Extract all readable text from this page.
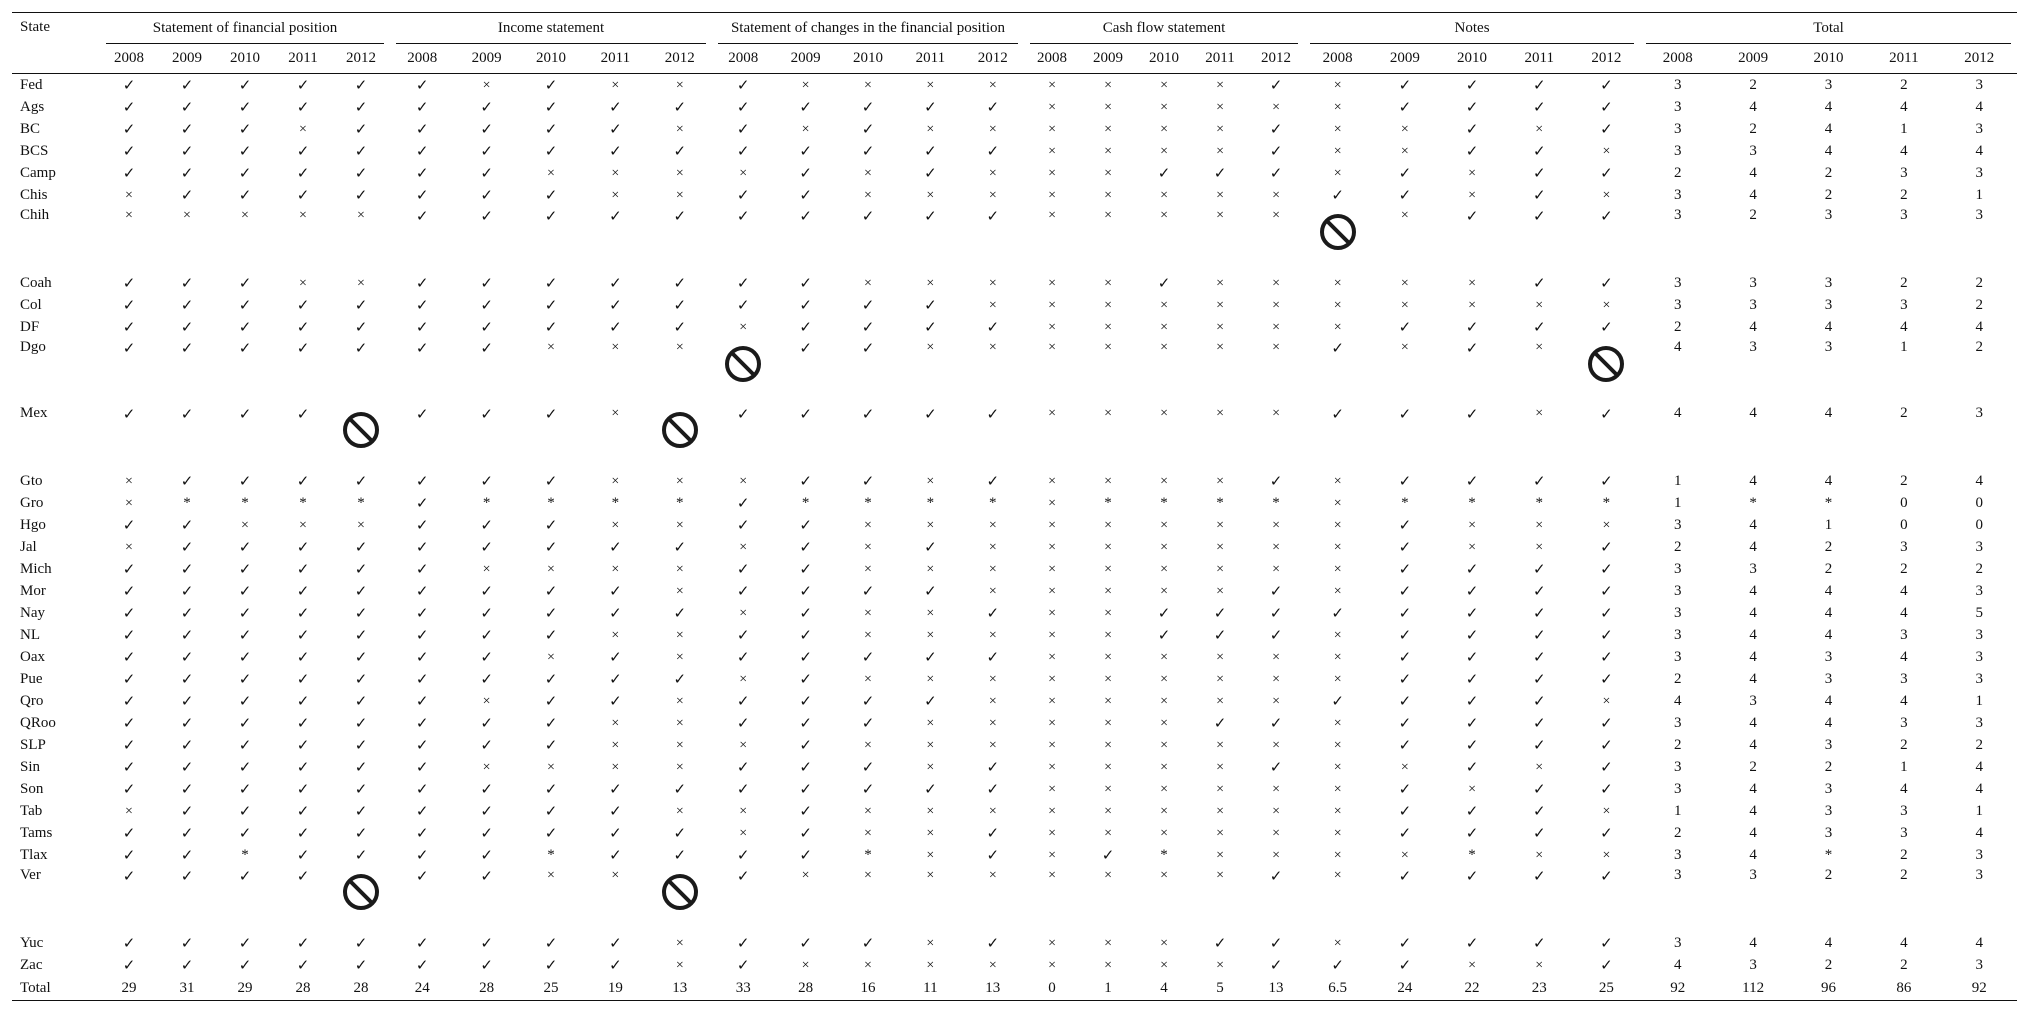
State	Statement of financial position					Income statement					Statement of changes in the financial position					Cash flow statement					Notes					Total				
	2008	2009	2010	2011	2012	2008	2009	2010	2011	2012	2008	2009	2010	2011	2012	2008	2009	2010	2011	2012	2008	2009	2010	2011	2012	2008	2009	2010	2011	2012
Fed	✓	✓	✓	✓	✓	✓	×	✓	×	×	✓	×	×	×	×	×	×	×	×	✓	×	✓	✓	✓	✓	3	2	3	2	3
Ags	✓	✓	✓	✓	✓	✓	✓	✓	✓	✓	✓	✓	✓	✓	✓	×	×	×	×	×	×	✓	✓	✓	✓	3	4	4	4	4
BC	✓	✓	✓	×	✓	✓	✓	✓	✓	×	✓	×	✓	×	×	×	×	×	×	✓	×	×	✓	×	✓	3	2	4	1	3
BCS	✓	✓	✓	✓	✓	✓	✓	✓	✓	✓	✓	✓	✓	✓	✓	×	×	×	×	✓	×	×	✓	✓	×	3	3	4	4	4
Camp	✓	✓	✓	✓	✓	✓	✓	×	×	×	×	✓	×	✓	×	×	×	✓	✓	✓	×	✓	×	✓	✓	2	4	2	3	3
Chis	×	✓	✓	✓	✓	✓	✓	✓	×	×	✓	✓	×	×	×	×	×	×	×	×	✓	✓	×	✓	×	3	4	2	2	1
Chih	×	×	×	×	×	✓	✓	✓	✓	✓	✓	✓	✓	✓	✓	×	×	×	×	×		×	✓	✓	✓	3	2	3	3	3
Coah	✓	✓	✓	×	×	✓	✓	✓	✓	✓	✓	✓	×	×	×	×	×	✓	×	×	×	×	×	✓	✓	3	3	3	2	2
Col	✓	✓	✓	✓	✓	✓	✓	✓	✓	✓	✓	✓	✓	✓	×	×	×	×	×	×	×	×	×	×	×	3	3	3	3	2
DF	✓	✓	✓	✓	✓	✓	✓	✓	✓	✓	×	✓	✓	✓	✓	×	×	×	×	×	×	✓	✓	✓	✓	2	4	4	4	4
Dgo	✓	✓	✓	✓	✓	✓	✓	×	×	×		✓	✓	×	×	×	×	×	×	×	✓	×	✓	×		4	3	3	1	2
Mex	✓	✓	✓	✓		✓	✓	✓	×		✓	✓	✓	✓	✓	×	×	×	×	×	✓	✓	✓	×	✓	4	4	4	2	3
Gto	×	✓	✓	✓	✓	✓	✓	✓	×	×	×	✓	✓	×	✓	×	×	×	×	✓	×	✓	✓	✓	✓	1	4	4	2	4
Gro	×	*	*	*	*	✓	*	*	*	*	✓	*	*	*	*	×	*	*	*	*	×	*	*	*	*	1	*	*	0	0
Hgo	✓	✓	×	×	×	✓	✓	✓	×	×	✓	✓	×	×	×	×	×	×	×	×	×	✓	×	×	×	3	4	1	0	0
Jal	×	✓	✓	✓	✓	✓	✓	✓	✓	✓	×	✓	×	✓	×	×	×	×	×	×	×	✓	×	×	✓	2	4	2	3	3
Mich	✓	✓	✓	✓	✓	✓	×	×	×	×	✓	✓	×	×	×	×	×	×	×	×	×	✓	✓	✓	✓	3	3	2	2	2
Mor	✓	✓	✓	✓	✓	✓	✓	✓	✓	×	✓	✓	✓	✓	×	×	×	×	×	✓	×	✓	✓	✓	✓	3	4	4	4	3
Nay	✓	✓	✓	✓	✓	✓	✓	✓	✓	✓	×	✓	×	×	✓	×	×	✓	✓	✓	✓	✓	✓	✓	✓	3	4	4	4	5
NL	✓	✓	✓	✓	✓	✓	✓	✓	×	×	✓	✓	×	×	×	×	×	✓	✓	✓	×	✓	✓	✓	✓	3	4	4	3	3
Oax	✓	✓	✓	✓	✓	✓	✓	×	✓	×	✓	✓	✓	✓	✓	×	×	×	×	×	×	✓	✓	✓	✓	3	4	3	4	3
Pue	✓	✓	✓	✓	✓	✓	✓	✓	✓	✓	×	✓	×	×	×	×	×	×	×	×	×	✓	✓	✓	✓	2	4	3	3	3
Qro	✓	✓	✓	✓	✓	✓	×	✓	✓	×	✓	✓	✓	✓	×	×	×	×	×	×	✓	✓	✓	✓	×	4	3	4	4	1
QRoo	✓	✓	✓	✓	✓	✓	✓	✓	×	×	✓	✓	✓	×	×	×	×	×	✓	✓	×	✓	✓	✓	✓	3	4	4	3	3
SLP	✓	✓	✓	✓	✓	✓	✓	✓	×	×	×	✓	×	×	×	×	×	×	×	×	×	✓	✓	✓	✓	2	4	3	2	2
Sin	✓	✓	✓	✓	✓	✓	×	×	×	×	✓	✓	✓	×	✓	×	×	×	×	✓	×	×	✓	×	✓	3	2	2	1	4
Son	✓	✓	✓	✓	✓	✓	✓	✓	✓	✓	✓	✓	✓	✓	✓	×	×	×	×	×	×	✓	×	✓	✓	3	4	3	4	4
Tab	×	✓	✓	✓	✓	✓	✓	✓	✓	×	×	✓	×	×	×	×	×	×	×	×	×	✓	✓	✓	×	1	4	3	3	1
Tams	✓	✓	✓	✓	✓	✓	✓	✓	✓	✓	×	✓	×	×	✓	×	×	×	×	×	×	✓	✓	✓	✓	2	4	3	3	4
Tlax	✓	✓	*	✓	✓	✓	✓	*	✓	✓	✓	✓	*	×	✓	×	✓	*	×	×	×	×	*	×	×	3	4	*	2	3
Ver	✓	✓	✓	✓		✓	✓	×	×		✓	×	×	×	×	×	×	×	×	✓	×	✓	✓	✓	✓	3	3	2	2	3
Yuc	✓	✓	✓	✓	✓	✓	✓	✓	✓	×	✓	✓	✓	×	✓	×	×	×	✓	✓	×	✓	✓	✓	✓	3	4	4	4	4
Zac	✓	✓	✓	✓	✓	✓	✓	✓	✓	×	✓	×	×	×	×	×	×	×	×	✓	✓	✓	×	×	✓	4	3	2	2	3
Total	29	31	29	28	28	24	28	25	19	13	33	28	16	11	13	0	1	4	5	13	6.5	24	22	23	25	92	112	96	86	92
